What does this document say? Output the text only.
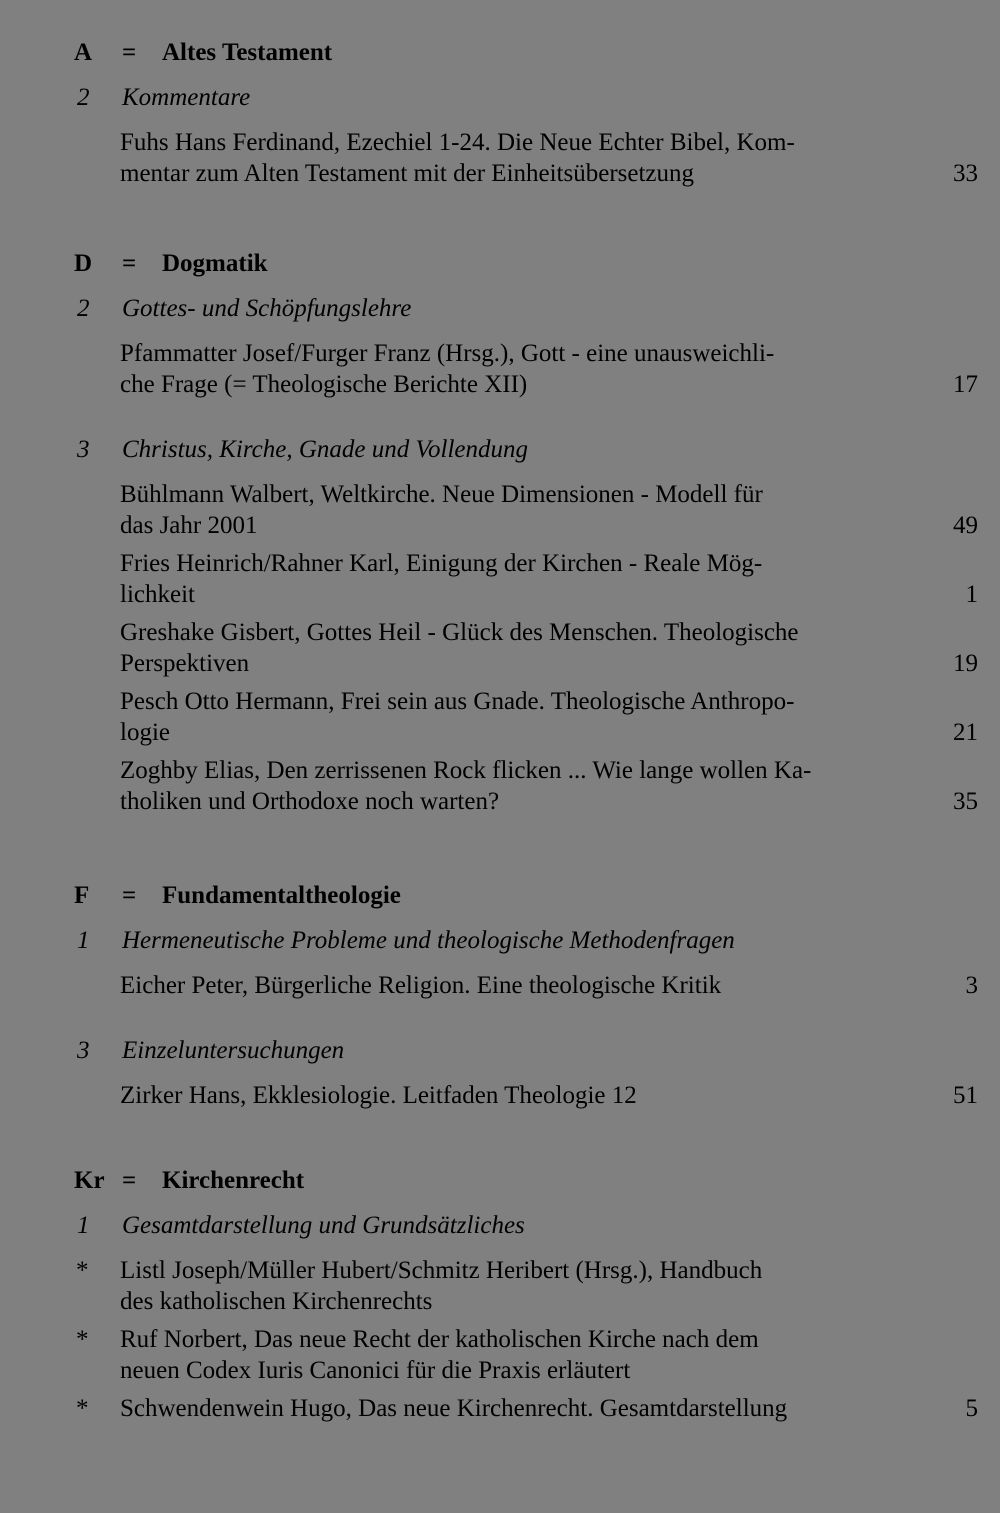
A = Altes Testament
2 Kommentare
Fuhs Hans Ferdinand, Ezechiel 1-24. Die Neue Echter Bibel, Kom-
mentar zum Alten Testament mit der Einheitsübersetzung	33
D = Dogmatik
2 Gottes- und Schöpfungslehre
Pfammatter Josef/Furger Franz (Hrsg.), Gott - eine unausweichli-
che Frage (= Theologische Berichte XII)	17
3 Christus, Kirche, Gnade und Vollendung
Bühlmann Walbert, Weltkirche. Neue Dimensionen - Modell für
das Jahr 2001	49
Fries Heinrich/Rahner Karl, Einigung der Kirchen - Reale Mög-
lichkeit	1
Greshake Gisbert, Gottes Heil - Glück des Menschen. Theologische
Perspektiven	19
Pesch Otto Hermann, Frei sein aus Gnade. Theologische Anthropo-
logie	21
Zoghby Elias, Den zerrissenen Rock flicken ... Wie lange wollen Ka-
tholiken und Orthodoxe noch warten?	35
F = Fundamentaltheologie
1 Hermeneutische Probleme und theologische Methodenfragen
Eicher Peter, Bürgerliche Religion. Eine theologische Kritik	3
3 Einzeluntersuchungen
Zirker Hans, Ekklesiologie. Leitfaden Theologie 12	51
Kr = Kirchenrecht
1 Gesamtdarstellung und Grundsätzliches
* Listl Joseph/Müller Hubert/Schmitz Heribert (Hrsg.), Handbuch
des katholischen Kirchenrechts
* Ruf Norbert, Das neue Recht der katholischen Kirche nach dem
neuen Codex Iuris Canonici für die Praxis erläutert
* Schwendenwein Hugo, Das neue Kirchenrecht. Gesamtdarstellung	5
